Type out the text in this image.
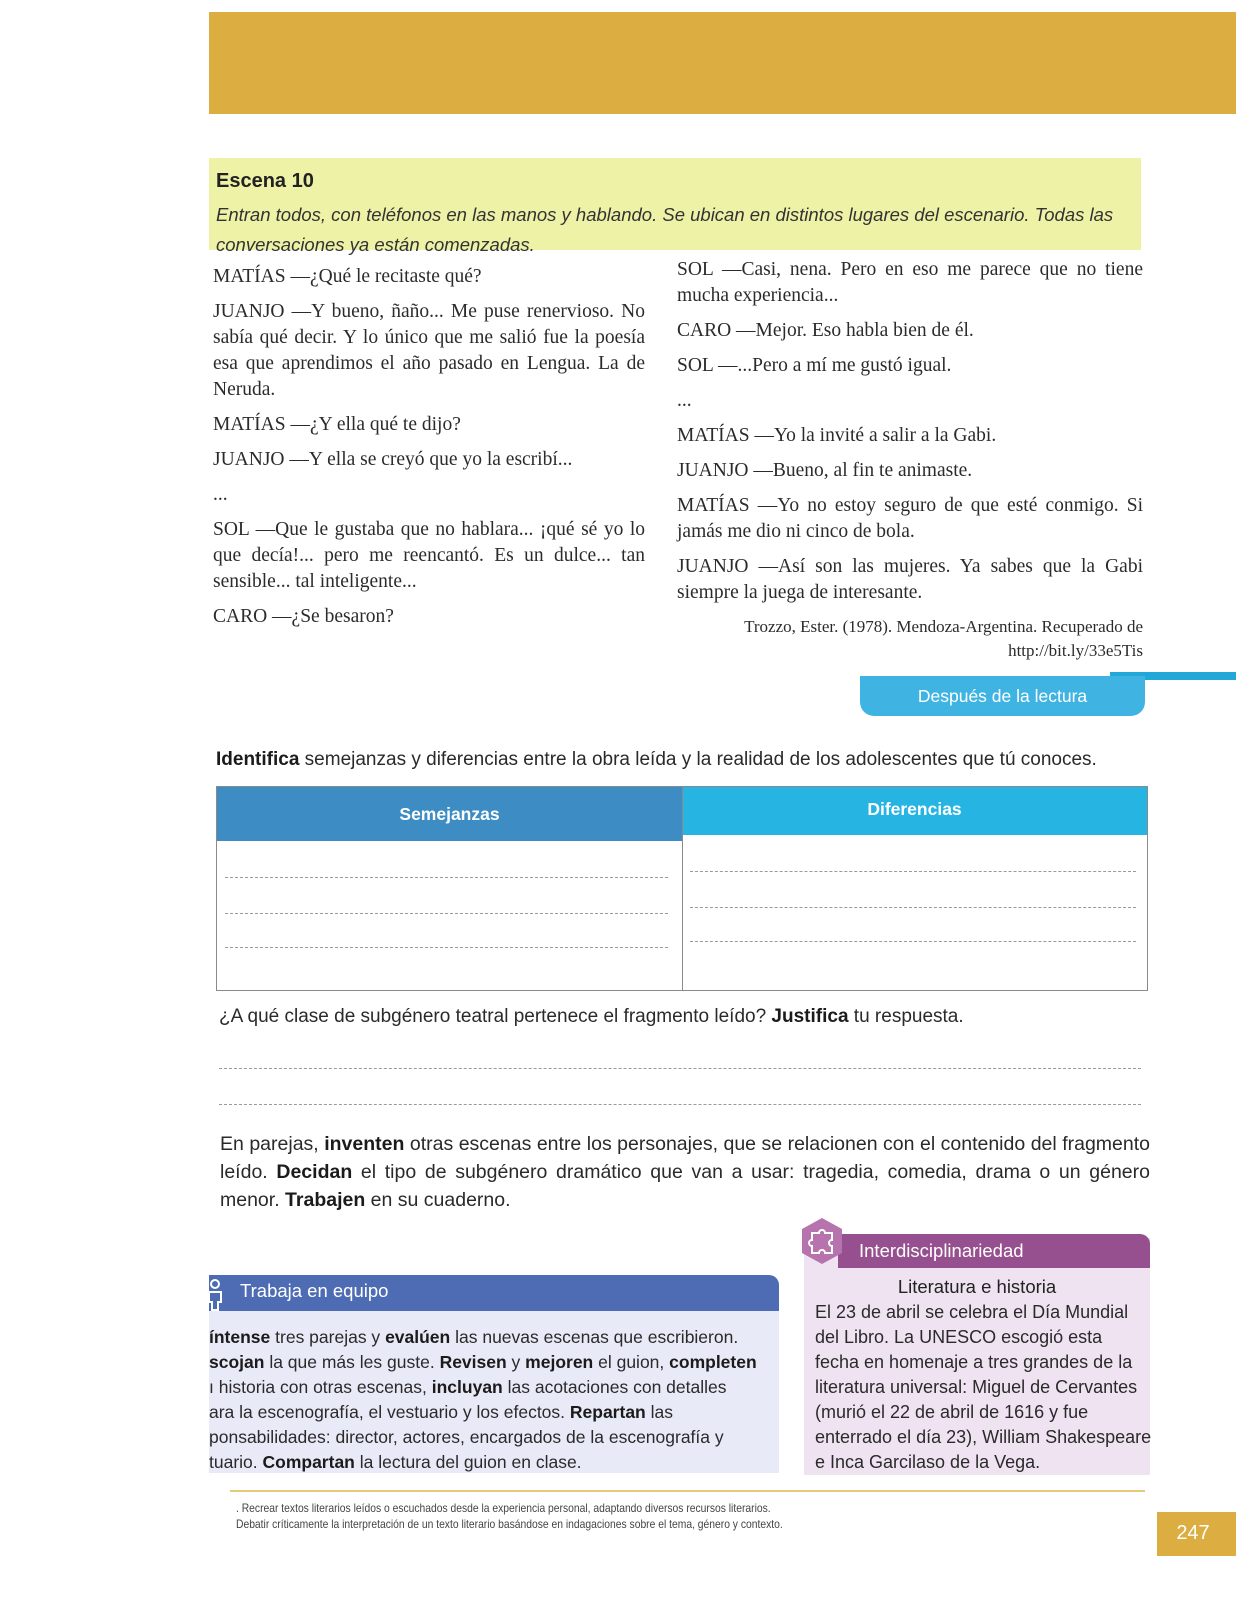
Escena 10
Entran todos, con teléfonos en las manos y hablando. Se ubican en distintos lugares del escenario. Todas las conversaciones ya están comenzadas.

MATÍAS —¿Qué le recitaste qué?

JUANJO —Y bueno, ñaño... Me puse renervioso. No sabía qué decir. Y lo único que me salió fue la poesía esa que aprendimos el año pasado en Lengua. La de Neruda.

MATÍAS —¿Y ella qué te dijo?

JUANJO —Y ella se creyó que yo la escribí...

...

SOL —Que le gustaba que no hablara... ¡qué sé yo lo que decía!... pero me reencantó. Es un dulce... tan sensible... tal inteligente...

CARO —¿Se besaron?

SOL —Casi, nena. Pero en eso me parece que no tiene mucha experiencia...

CARO —Mejor. Eso habla bien de él.

SOL —...Pero a mí me gustó igual.

...

MATÍAS —Yo la invité a salir a la Gabi.

JUANJO —Bueno, al fin te animaste.

MATÍAS —Yo no estoy seguro de que esté conmigo. Si jamás me dio ni cinco de bola.

JUANJO —Así son las mujeres. Ya sabes que la Gabi siempre la juega de interesante.

Trozzo, Ester. (1978). Mendoza-Argentina. Recuperado de
http://bit.ly/33e5Tis
Después de la lectura
Identifica semejanzas y diferencias entre la obra leída y la realidad de los adolescentes que tú conoces.
Semejanzas	Diferencias
¿A qué clase de subgénero teatral pertenece el fragmento leído? Justifica tu respuesta.
En parejas, inventen otras escenas entre los personajes, que se relacionen con el contenido del fragmento leído. Decidan el tipo de subgénero dramático que van a usar: tragedia, comedia, drama o un género menor. Trabajen en su cuaderno.
Trabaja en equipo
íntense tres parejas y evalúen las nuevas escenas que escribieron.
scojan la que más les guste. Revisen y mejoren el guion, completen
ı historia con otras escenas, incluyan las acotaciones con detalles
ara la escenografía, el vestuario y los efectos. Repartan las
ponsabilidades: director, actores, encargados de la escenografía y
tuario. Compartan la lectura del guion en clase.
Interdisciplinariedad
Literatura e historia
El 23 de abril se celebra el Día Mundial
del Libro. La UNESCO escogió esta
fecha en homenaje a tres grandes de la
literatura universal: Miguel de Cervantes
(murió el 22 de abril de 1616 y fue
enterrado el día 23), William Shakespeare
e Inca Garcilaso de la Vega.
. Recrear textos literarios leídos o escuchados desde la experiencia personal, adaptando diversos recursos literarios.
Debatir críticamente la interpretación de un texto literario basándose en indagaciones sobre el tema, género y contexto.	247
